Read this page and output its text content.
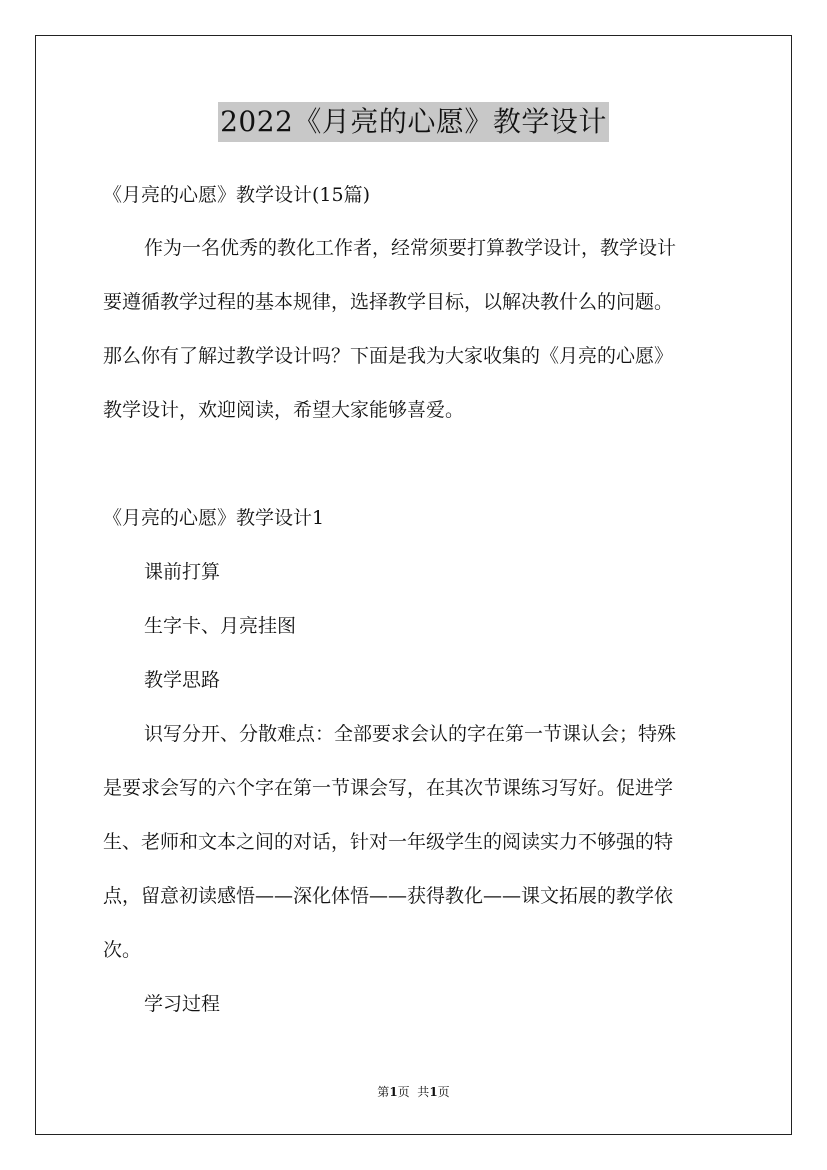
2022《月亮的心愿》教学设计
《月亮的心愿》教学设计(15篇)
作为一名优秀的教化工作者，经常须要打算教学设计，教学设计
要遵循教学过程的基本规律，选择教学目标，以解决教什么的问题。
那么你有了解过教学设计吗？下面是我为大家收集的《月亮的心愿》
教学设计，欢迎阅读，希望大家能够喜爱。
《月亮的心愿》教学设计1
课前打算
生字卡、月亮挂图
教学思路
识写分开、分散难点：全部要求会认的字在第一节课认会；特殊
是要求会写的六个字在第一节课会写，在其次节课练习写好。促进学
生、老师和文本之间的对话，针对一年级学生的阅读实力不够强的特
点，留意初读感悟——深化体悟——获得教化——课文拓展的教学依
次。
学习过程
第1页  共1页
